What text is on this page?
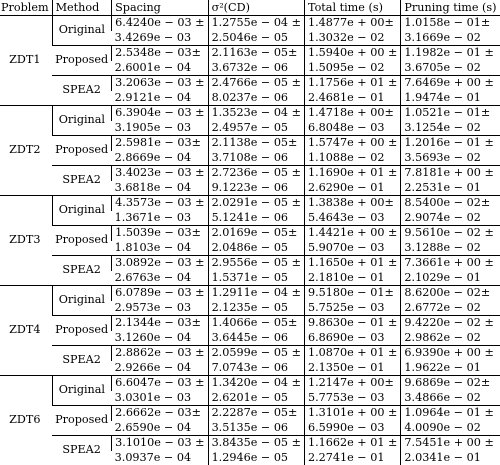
Problem	Method	Spacing	σ²(CD)	Total time (s)	Pruning time (s)
ZDT1	Original	6.4240e − 03 ±	1.2755e − 04 ±	1.4877e + 00±	1.0158e − 01±
		3.4269e − 03	2.5046e − 05	1.3032e − 02	3.1669e − 02
	Proposed	2.5348e − 03±	2.1163e − 05±	1.5940e + 00 ±	1.1982e − 01 ±
		2.6001e − 04	3.6732e − 06	1.5095e − 02	3.6705e − 02
	SPEA2	3.2063e − 03 ±	2.4766e − 05 ±	1.1756e + 01 ±	7.6469e + 00 ±
		2.9121e − 04	8.0237e − 06	2.4681e − 01	1.9474e − 01
ZDT2	Original	6.3904e − 03 ±	1.3523e − 04 ±	1.4718e + 00±	1.0521e − 01±
		3.1905e − 03	2.4957e − 05	6.8048e − 03	3.1254e − 02
	Proposed	2.5981e − 03±	2.1138e − 05±	1.5747e + 00 ±	1.2016e − 01 ±
		2.8669e − 04	3.7108e − 06	1.1088e − 02	3.5693e − 02
	SPEA2	3.4023e − 03 ±	2.7236e − 05 ±	1.1690e + 01 ±	7.8181e + 00 ±
		3.6818e − 04	9.1223e − 06	2.6290e − 01	2.2531e − 01
ZDT3	Original	4.3573e − 03 ±	2.0291e − 05 ±	1.3838e + 00±	8.5400e − 02±
		1.3671e − 03	5.1241e − 06	5.4643e − 03	2.9074e − 02
	Proposed	1.5039e − 03±	2.0169e − 05±	1.4421e + 00 ±	9.5610e − 02 ±
		1.8103e − 04	2.0486e − 05	5.9070e − 03	3.1288e − 02
	SPEA2	3.0892e − 03 ±	2.9556e − 05 ±	1.1650e + 01 ±	7.3661e + 00 ±
		2.6763e − 04	1.5371e − 05	2.1810e − 01	2.1029e − 01
ZDT4	Original	6.0789e − 03 ±	1.2911e − 04 ±	9.5180e − 01±	8.6200e − 02±
		2.9573e − 03	2.1235e − 05	5.7525e − 03	2.6772e − 02
	Proposed	2.1344e − 03±	1.4066e − 05±	9.8630e − 01 ±	9.4220e − 02 ±
		3.1260e − 04	3.6445e − 06	6.8690e − 03	2.9862e − 02
	SPEA2	2.8862e − 03 ±	2.0599e − 05 ±	1.0870e + 01 ±	6.9390e + 00 ±
		2.9266e − 04	7.0743e − 06	2.1350e − 01	1.9622e − 01
ZDT6	Original	6.6047e − 03 ±	1.3420e − 04 ±	1.2147e + 00±	9.6869e − 02±
		3.0301e − 03	2.6201e − 05	5.7753e − 03	3.4866e − 02
	Proposed	2.6662e − 03±	2.2287e − 05±	1.3101e + 00 ±	1.0964e − 01 ±
		2.6590e − 04	3.5135e − 06	6.5990e − 03	4.0090e − 02
	SPEA2	3.1010e − 03 ±	3.8435e − 05 ±	1.1662e + 01 ±	7.5451e + 00 ±
		3.0937e − 04	1.2946e − 05	2.2741e − 01	2.0341e − 01
